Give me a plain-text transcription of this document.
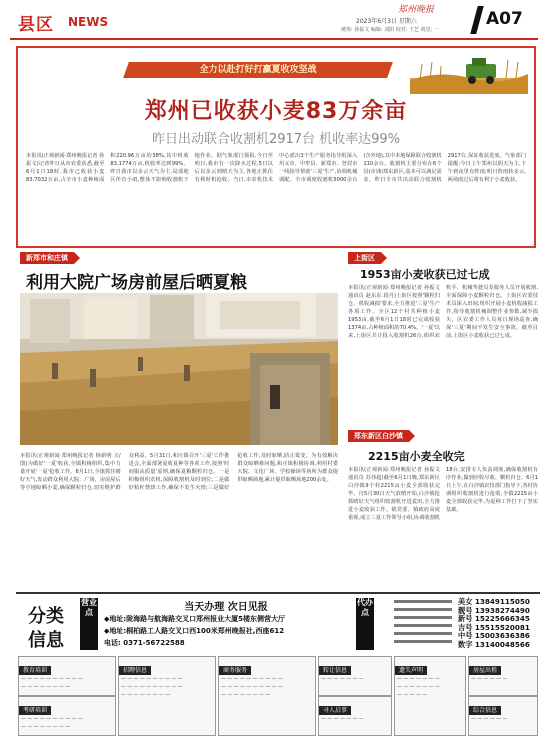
县区 NEWS
郑州晚报
2023年6月3日 星期六
统筹: 孙振文 编辑: 刘阳 校对: 王艺 视觉: 一
A07
全力以赴打好打赢夏收攻坚战
郑州已收获小麦83万余亩
昨日出动联合收割机2917台 机收率达99%
本报讯(正观新闻·郑州晚报记者 孙振文)记者昨日从市农委获悉,截至6月1日18时,我市已收获小麦83.7032万亩,占全市小麦种植面积220.96万亩的38%,其中机收83.1774万亩,机收率达到99%。昨日我市以多云天气为主,局部地区伴有小雨,整体不影响收割机下地作业。据气象部门预报,今日至明日,我市有一次降水过程,5日以后以多云到晴天为主,各地正抓住有利时机抢收。当日,市农机技术中心派出3个生产服务指导组深入巩义市、中牟县、新郑市、登封市一线指导帮助'三夏'生产,协调机械调配。全市调度收割机5000余台(含外地),其中本地保障联合收割机110余台。收割机主要分布在6个县(市)和郑东新区,基本可以满足需求。昨日全市共出动联合收割机2917台,保证收获进度。气象部门提醒:今日上午郑州以阴天为主,下午到夜里有阵雨;明日阵雨转多云,两场雨过后将有利于小麦收获。
新郑市和庄镇
利用大院广场房前屋后晒夏粮
本报讯(正观新闻·郑州晚报记者 杨新明 文/图)为做好'一夏'收获,全镇积极组织,集中力量开展'一夏'抢收工作。6月1日,全镇抓住晴好天气,发动群众利用大院、广场、房前屋后等空地晾晒小麦,确保颗粒归仓,切实维护群众利益。5月31日,和庄镇召开'三夏'工作推进会,全面部署夏收夏种等各项工作,按照'时间服从质量'原则,确保夏粮颗粒归仓。一是积极组织农机,保障收割机及时到位;二是做好秸秆禁烧工作,确保不发生火情;三是做好抢收工作,及时晾晒,防止霉变。为有效解决群众晾晒难问题,和庄镇积极协调,利用村委大院、文化广场、学校操场等场所为群众提供晾晒场地,累计提供晾晒场地200余处。
上街区
1953亩小麦收获已过七成
本报讯(正观新闻·郑州晚报记者 孙振文 通讯员 赵东东 段丹)上街区按照'颗粒归仓、机收减损'要求,全力推进'三夏'生产各项工作。全区12个村共种植小麦1953亩,截至6月1日18时已完成收获1374亩,占种植面积的70.4%。'一夏'以来,上街区共计投入收割机26台,组织农机手、机械驾驶员及服务人员开展收割,全面保障小麦颗粒归仓。上街区农委技术员深入田间,组织开展小麦机收减损工作,指导收割机械调整作业参数,减少损失。区农委工作人员每日现场巡查,确保'三夏'期间不发生安全事故。截至目前,上街区小麦收获已过七成。
郑东新区白沙镇
2215亩小麦全收完
本报讯(正观新闻·郑州晚报记者 孙振文 通讯员 苏伟超)截至6月1日晚,郑东新区白沙镇9个村2215亩小麦全部收获完毕。自5月30日天气放晴开始,白沙镇抢抓晴好天气组织收割机开进麦田,全力推进小麦收获工作。镇党委、镇政府高度重视,成立三夏工作领导小组,协调收割机18台,安排专人负责调度,确保收割机有序作业,做到应收尽收、颗粒归仓。6月1日上午,在白沙镇农技部门指导下,各村协调组织收割机进行抢收,全镇2215亩小麦全部收获完毕,为夏种工作打下了坚实基础。
分类
信息
营业点	当天办理 次日见报
◆地址:陇海路与航海路交叉口郑州报业大厦5楼东侧营大厅
◆地址:桐柏路工人路交叉口西100米郑州晚报社,西座612
电话: 0371-56722588
代办点
美女 13849115050
靓号 13938274490
新号 15225666345
吉号 15515520081
中号 15003636386
数字 13140048566
教育培训
— — — — — — — — — —
— — — — — — — —
考研培训
— — — — — — — — — —
— — — — — — — —
招聘信息
— — — — — — — — — —
— — — — — — — — — —
— — — — — — — —
商务服务
— — — — — — — — — —
— — — — — — — — — —
— — — — — — — —
转让信息
— — — — — — —
寻人启事
— — — — — — —
遗失声明
— — — — — — —
— — — — — — —
— — — — —
房屋出租
— — — — — —
综合信息
— — — — — —
